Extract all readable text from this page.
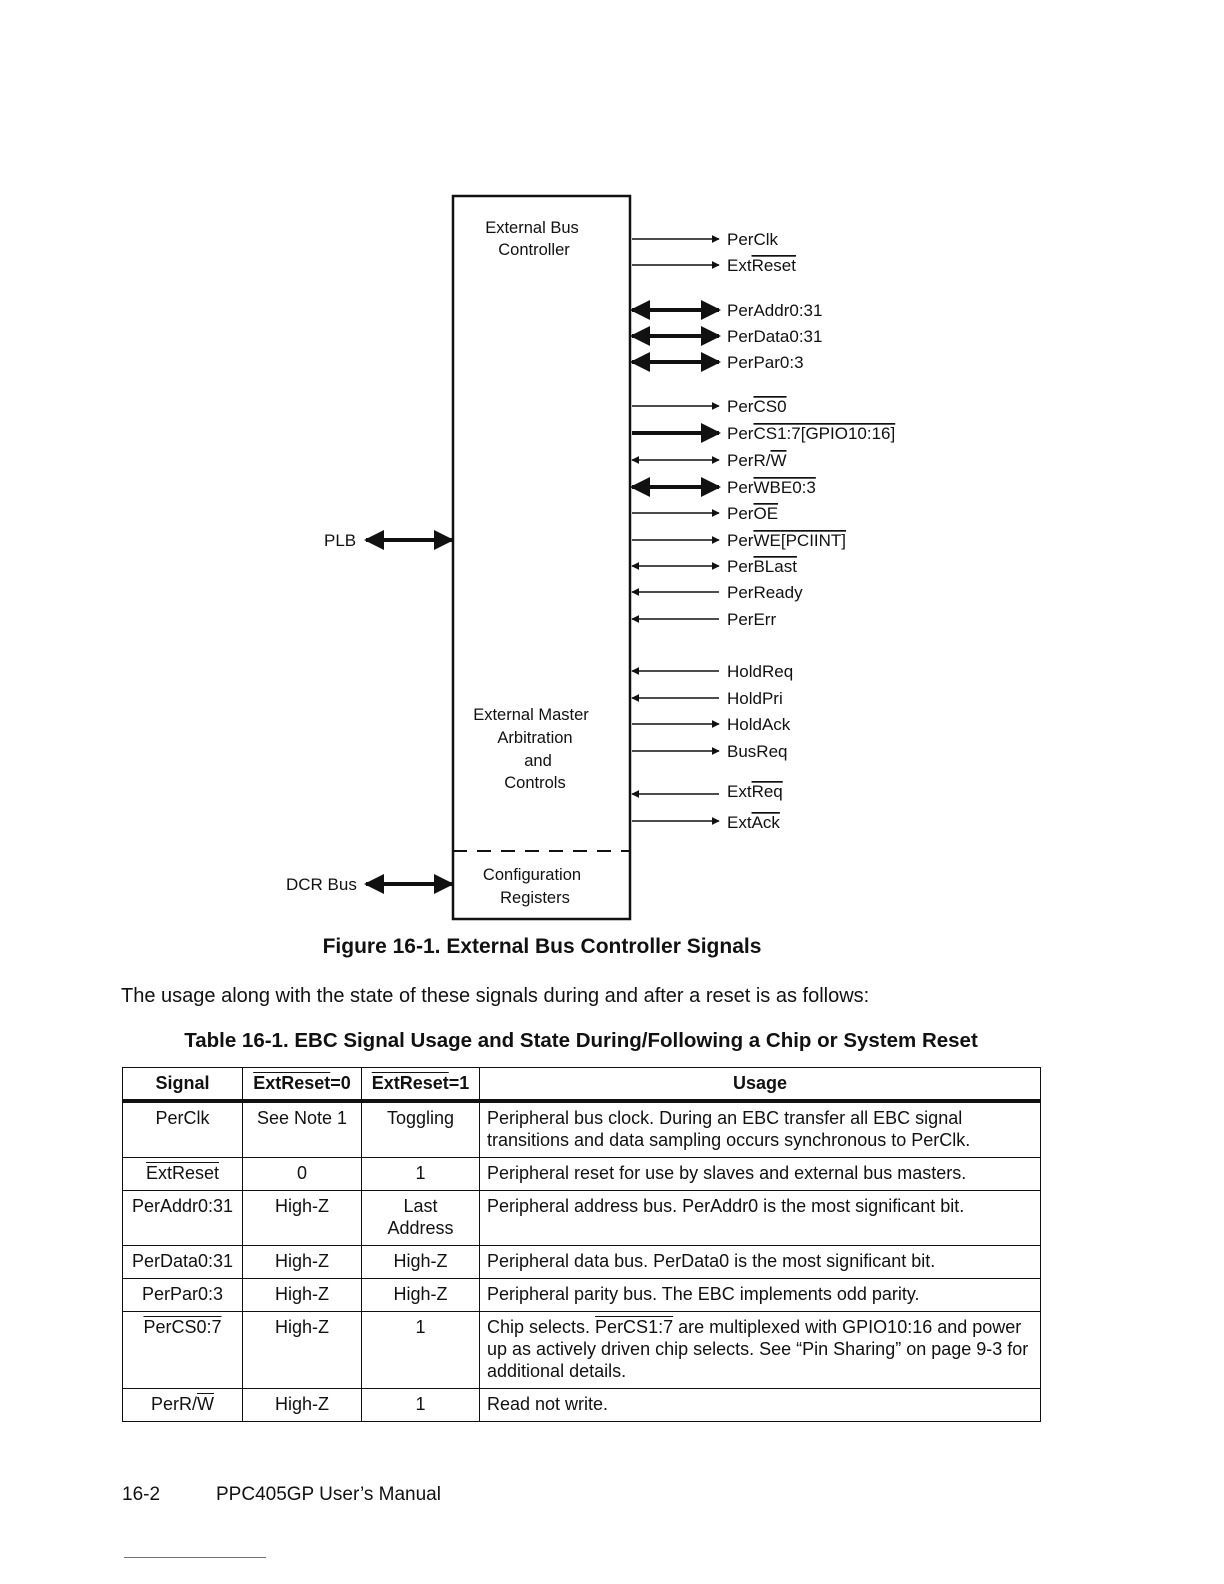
External Bus
Controller
External Master
Arbitration
and
Controls
Configuration
Registers
PLB
DCR Bus
PerClk
ExtReset
PerAddr0:31
PerData0:31
PerPar0:3
PerCS0
PerCS1:7[GPIO10:16]
PerR/W
PerWBE0:3
PerOE
PerWE[PCIINT]
PerBLast
PerReady
PerErr
HoldReq
HoldPri
HoldAck
BusReq
ExtReq
ExtAck
Figure 16-1. External Bus Controller Signals
The usage along with the state of these signals during and after a reset is as follows:
Table 16-1. EBC Signal Usage and State During/Following a Chip or System Reset
Signal	ExtReset=0	ExtReset=1	Usage
PerClk	See Note 1	Toggling	Peripheral bus clock. During an EBC transfer all EBC signal transitions and data sampling occurs synchronous to PerClk.
ExtReset	0	1	Peripheral reset for use by slaves and external bus masters.
PerAddr0:31	High-Z	Last Address	Peripheral address bus. PerAddr0 is the most significant bit.
PerData0:31	High-Z	High-Z	Peripheral data bus. PerData0 is the most significant bit.
PerPar0:3	High-Z	High-Z	Peripheral parity bus. The EBC implements odd parity.
PerCS0:7	High-Z	1	Chip selects. PerCS1:7 are multiplexed with GPIO10:16 and power up as actively driven chip selects. See “Pin Sharing” on page 9-3 for additional details.
PerR/$\overline{W}$	High-Z	1	Read not write.
16-2	PPC405GP User’s Manual
